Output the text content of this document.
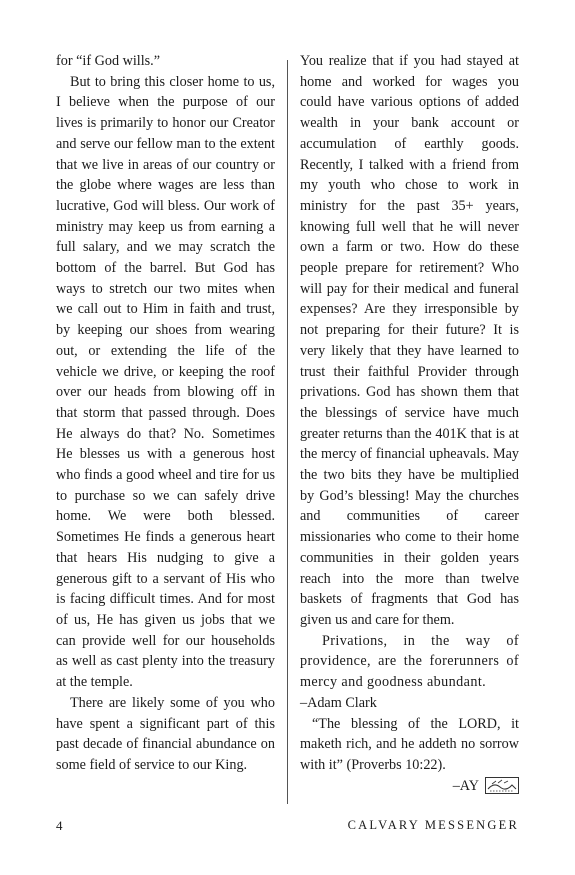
for “if God wills.”

But to bring this closer home to us, I believe when the purpose of our lives is primarily to honor our Creator and serve our fellow man to the extent that we live in areas of our country or the globe where wages are less than lucrative, God will bless. Our work of ministry may keep us from earning a full salary, and we may scratch the bottom of the barrel. But God has ways to stretch our two mites when we call out to Him in faith and trust, by keeping our shoes from wearing out, or extending the life of the vehicle we drive, or keeping the roof over our heads from blowing off in that storm that passed through. Does He always do that? No. Sometimes He blesses us with a generous host who finds a good wheel and tire for us to purchase so we can safely drive home. We were both blessed. Sometimes He finds a generous heart that hears His nudging to give a generous gift to a servant of His who is facing difficult times. And for most of us, He has given us jobs that we can provide well for our households as well as cast plenty into the treasury at the temple.

There are likely some of you who have spent a significant part of this past decade of financial abundance on some field of service to our King.

You realize that if you had stayed at home and worked for wages you could have various options of added wealth in your bank account or accumulation of earthly goods. Recently, I talked with a friend from my youth who chose to work in ministry for the past 35+ years, knowing full well that he will never own a farm or two. How do these people prepare for retirement? Who will pay for their medical and funeral expenses? Are they irresponsible by not preparing for their future? It is very likely that they have learned to trust their faithful Provider through privations. God has shown them that the blessings of service have much greater returns than the 401K that is at the mercy of financial upheavals. May the two bits they have be multiplied by God’s blessing! May the churches and communities of career missionaries who come to their home communities in their golden years reach into the more than twelve baskets of fragments that God has given us and care for them.

Privations, in the way of providence, are the forerunners of mercy and goodness abundant.

–Adam Clark

“The blessing of the LORD, it maketh rich, and he addeth no sorrow with it” (Proverbs 10:22).

–AY
4	CALVARY MESSENGER
